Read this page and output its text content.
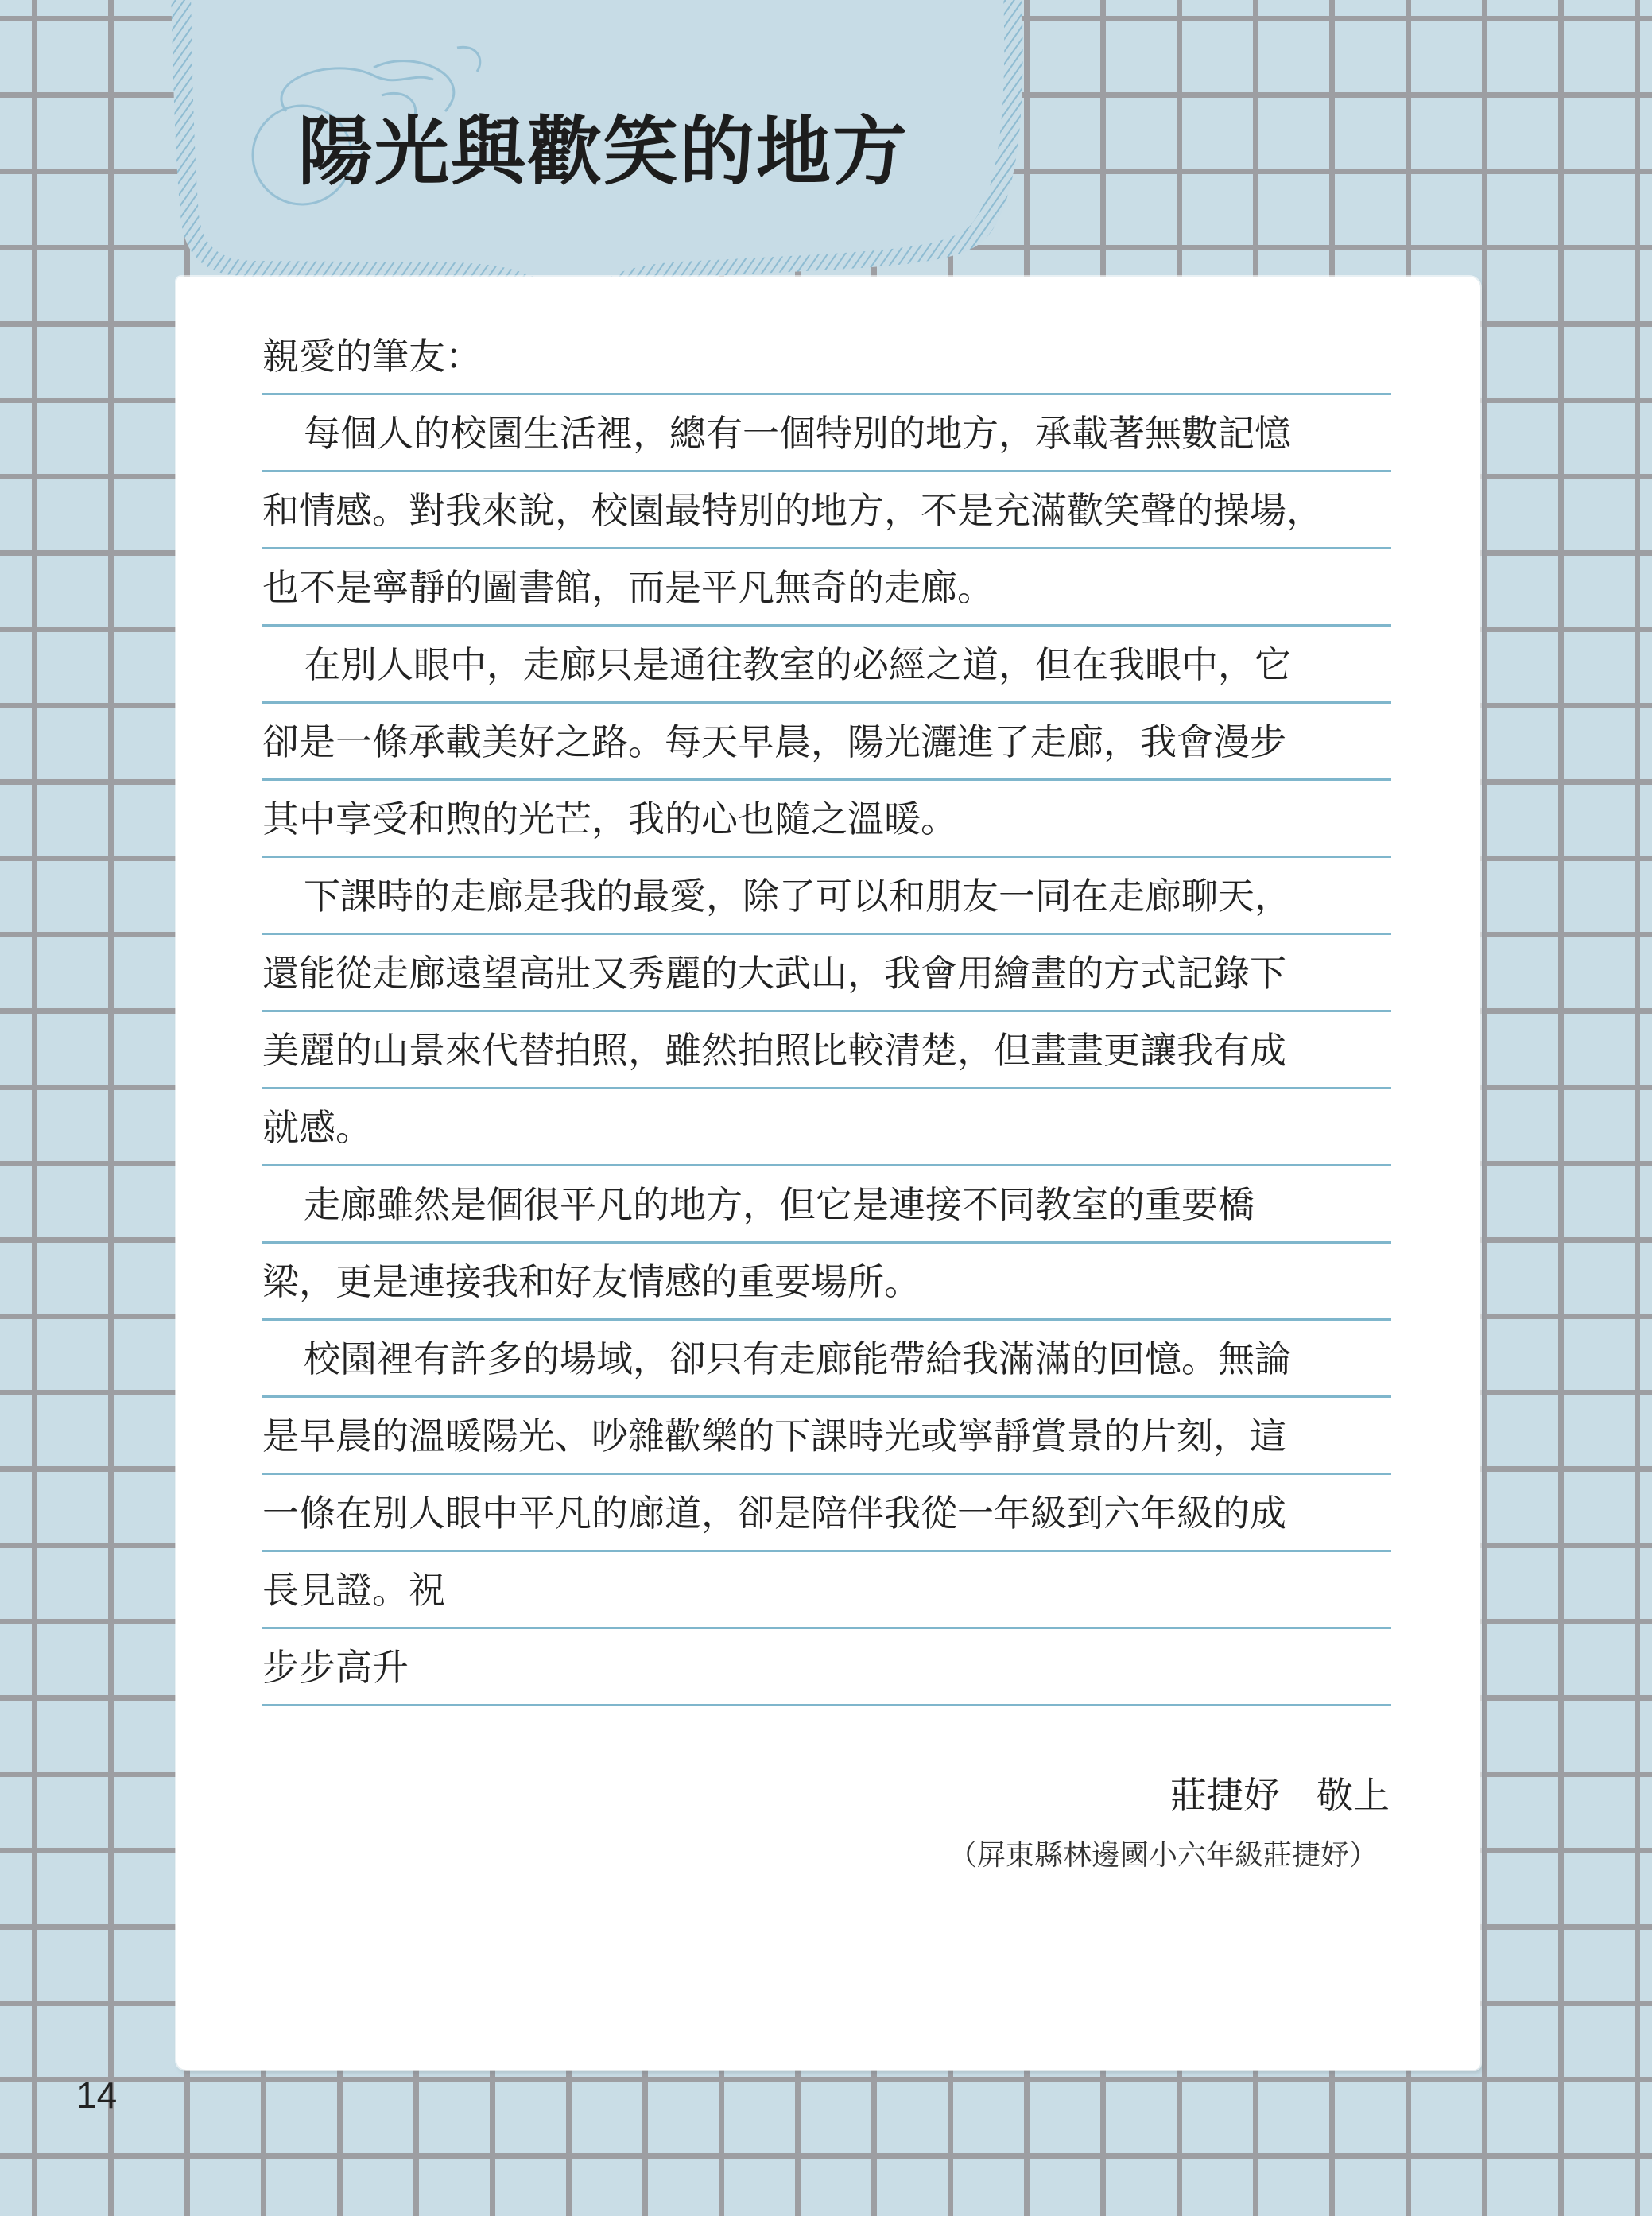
陽光與歡笑的地方
親愛的筆友：
每個人的校園生活裡，總有一個特別的地方，承載著無數記憶
和情感。對我來說，校園最特別的地方，不是充滿歡笑聲的操場，
也不是寧靜的圖書館，而是平凡無奇的走廊。
在別人眼中，走廊只是通往教室的必經之道，但在我眼中，它
卻是一條承載美好之路。每天早晨，陽光灑進了走廊，我會漫步
其中享受和煦的光芒，我的心也隨之溫暖。
下課時的走廊是我的最愛，除了可以和朋友一同在走廊聊天，
還能從走廊遠望高壯又秀麗的大武山，我會用繪畫的方式記錄下
美麗的山景來代替拍照，雖然拍照比較清楚，但畫畫更讓我有成
就感。
走廊雖然是個很平凡的地方，但它是連接不同教室的重要橋
梁，更是連接我和好友情感的重要場所。
校園裡有許多的場域，卻只有走廊能帶給我滿滿的回憶。無論
是早晨的溫暖陽光、吵雜歡樂的下課時光或寧靜賞景的片刻，這
一條在別人眼中平凡的廊道，卻是陪伴我從一年級到六年級的成
長見證。祝
步步高升

莊捷妤　敬上

（屏東縣林邊國小六年級莊捷妤）

14
